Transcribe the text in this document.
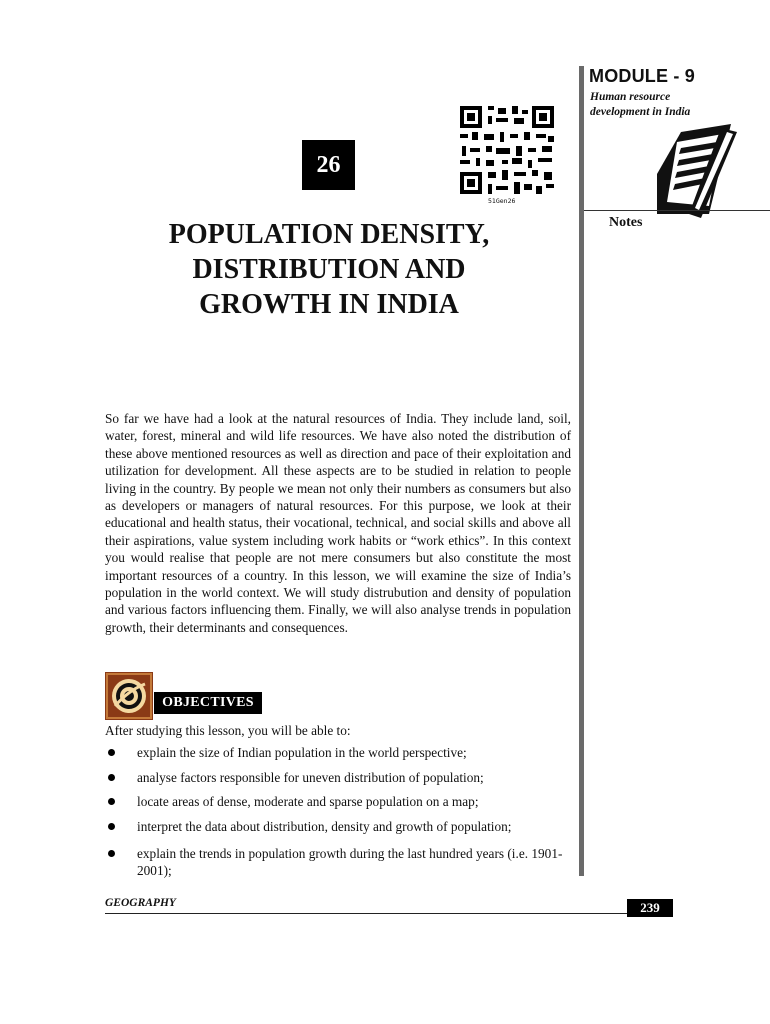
MODULE - 9
Human resource development in India
Notes
26
51Gen26
POPULATION DENSITY,
DISTRIBUTION AND
GROWTH IN INDIA

So far we have had a look at the natural resources of India. They include land, soil, water, forest, mineral and wild life resources. We have also noted the distribution of these above mentioned resources as well as direction and pace of their exploitation and utilization for development. All these aspects are to be studied in relation to people living in the country. By people we mean not only their numbers as consumers but also as developers or managers of natural resources. For this purpose, we look at their educational and health status, their vocational, technical, and social skills and above all their aspirations, value system including work habits or “work ethics”. In this context you would realise that people are not mere consumers but also constitute the most important resources of a country. In this lesson, we will examine the size of India’s population in the world context. We will study distrubution and density of population and various factors influencing them. Finally, we will also analyse trends in population growth, their determinants and consequences.

OBJECTIVES
After studying this lesson, you will be able to:
explain the size of Indian population in the world perspective;
analyse factors responsible for uneven distribution of population;
locate areas of dense, moderate and sparse population on a map;
interpret the data about distribution, density and growth of population;
explain the trends in population growth during the last hundred years (i.e. 1901-2001);
GEOGRAPHY	239
